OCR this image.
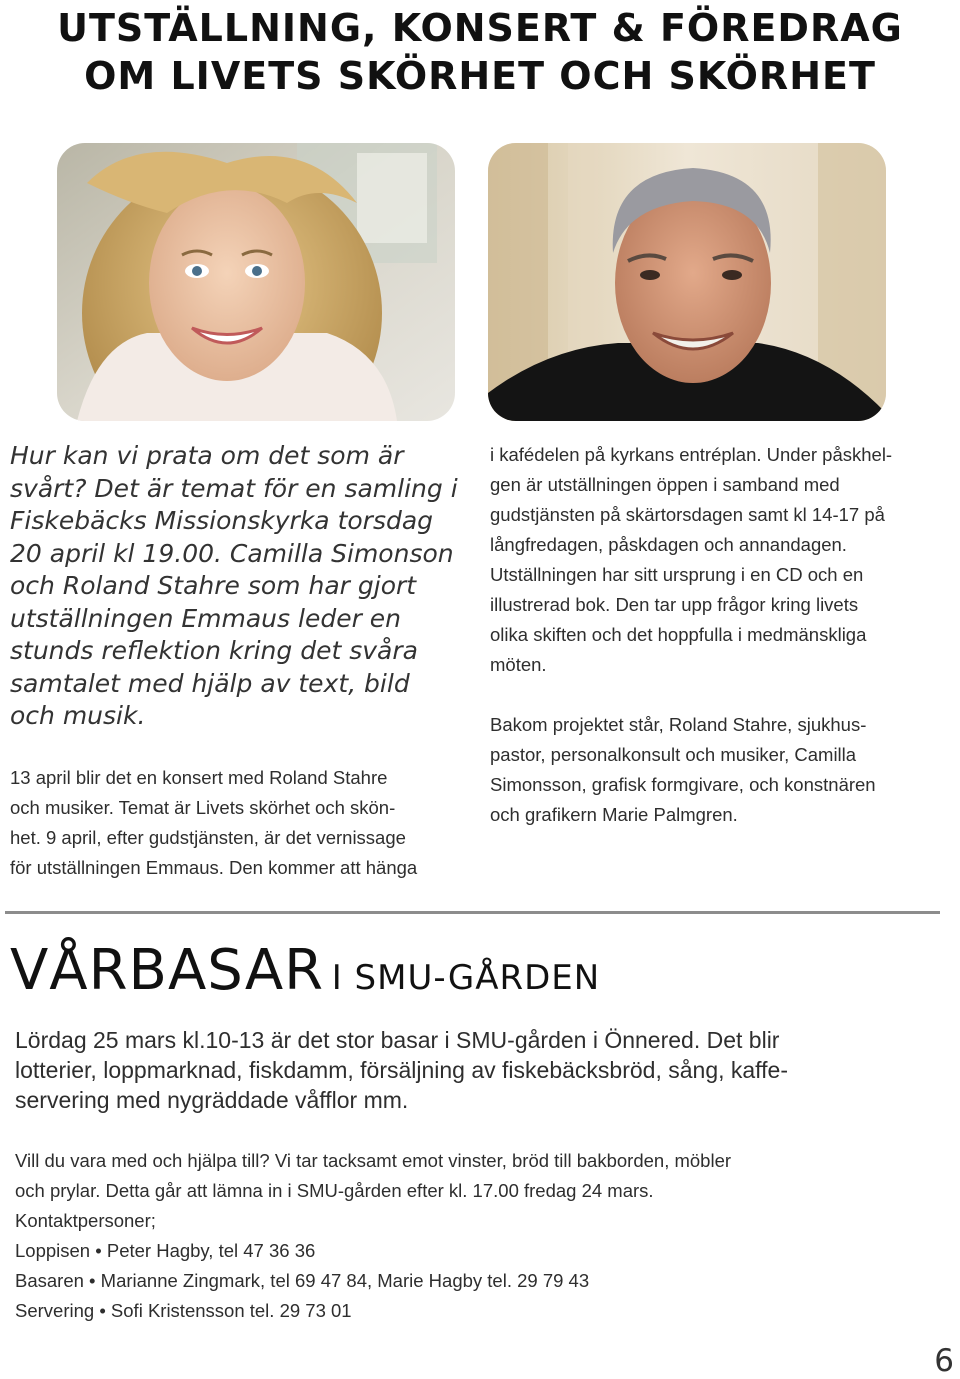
UTSTÄLLNING, KONSERT & FÖREDRAG
OM LIVETS SKÖRHET OCH SKÖRHET

Hur kan vi prata om det som är svårt? Det är temat för en samling i Fiskebäcks Missionskyrka torsdag 20 april kl 19.00. Camilla Simonson och Roland Stahre som har gjort utställningen Emmaus leder en stunds reflektion kring det svåra samtalet med hjälp av text, bild och musik.

13 april blir det en konsert med Roland Stahre
och musiker. Temat är Livets skörhet och skön-
het. 9 april, efter gudstjänsten, är det vernissage
för utställningen Emmaus. Den kommer att hänga
i kafédelen på kyrkans entréplan. Under påskhel-
gen är utställningen öppen i samband med
gudstjänsten på skärtorsdagen samt kl 14-17 på
långfredagen, påskdagen och annandagen.
Utställningen har sitt ursprung i en CD och en
illustrerad bok. Den tar upp frågor kring livets
olika skiften och det hoppfulla i medmänskliga
möten.
Bakom projektet står, Roland Stahre, sjukhus-
pastor, personalkonsult och musiker, Camilla
Simonsson, grafisk formgivare, och konstnären
och grafikern Marie Palmgren.
VÅRBASAR I SMU-GÅRDEN
Lördag 25 mars kl.10-13 är det stor basar i SMU-gården i Önnered. Det blir
lotterier, loppmarknad, fiskdamm, försäljning av fiskebäcksbröd, sång, kaffe-
servering med nygräddade våfflor mm.
Vill du vara med och hjälpa till? Vi tar tacksamt emot vinster, bröd till bakborden, möbler
och prylar. Detta går att lämna in i SMU-gården efter kl. 17.00 fredag 24 mars.
Kontaktpersoner;
Loppisen • Peter Hagby, tel 47 36 36
Basaren • Marianne Zingmark, tel 69 47 84, Marie Hagby tel. 29 79 43
Servering • Sofi Kristensson tel. 29 73 01

6
